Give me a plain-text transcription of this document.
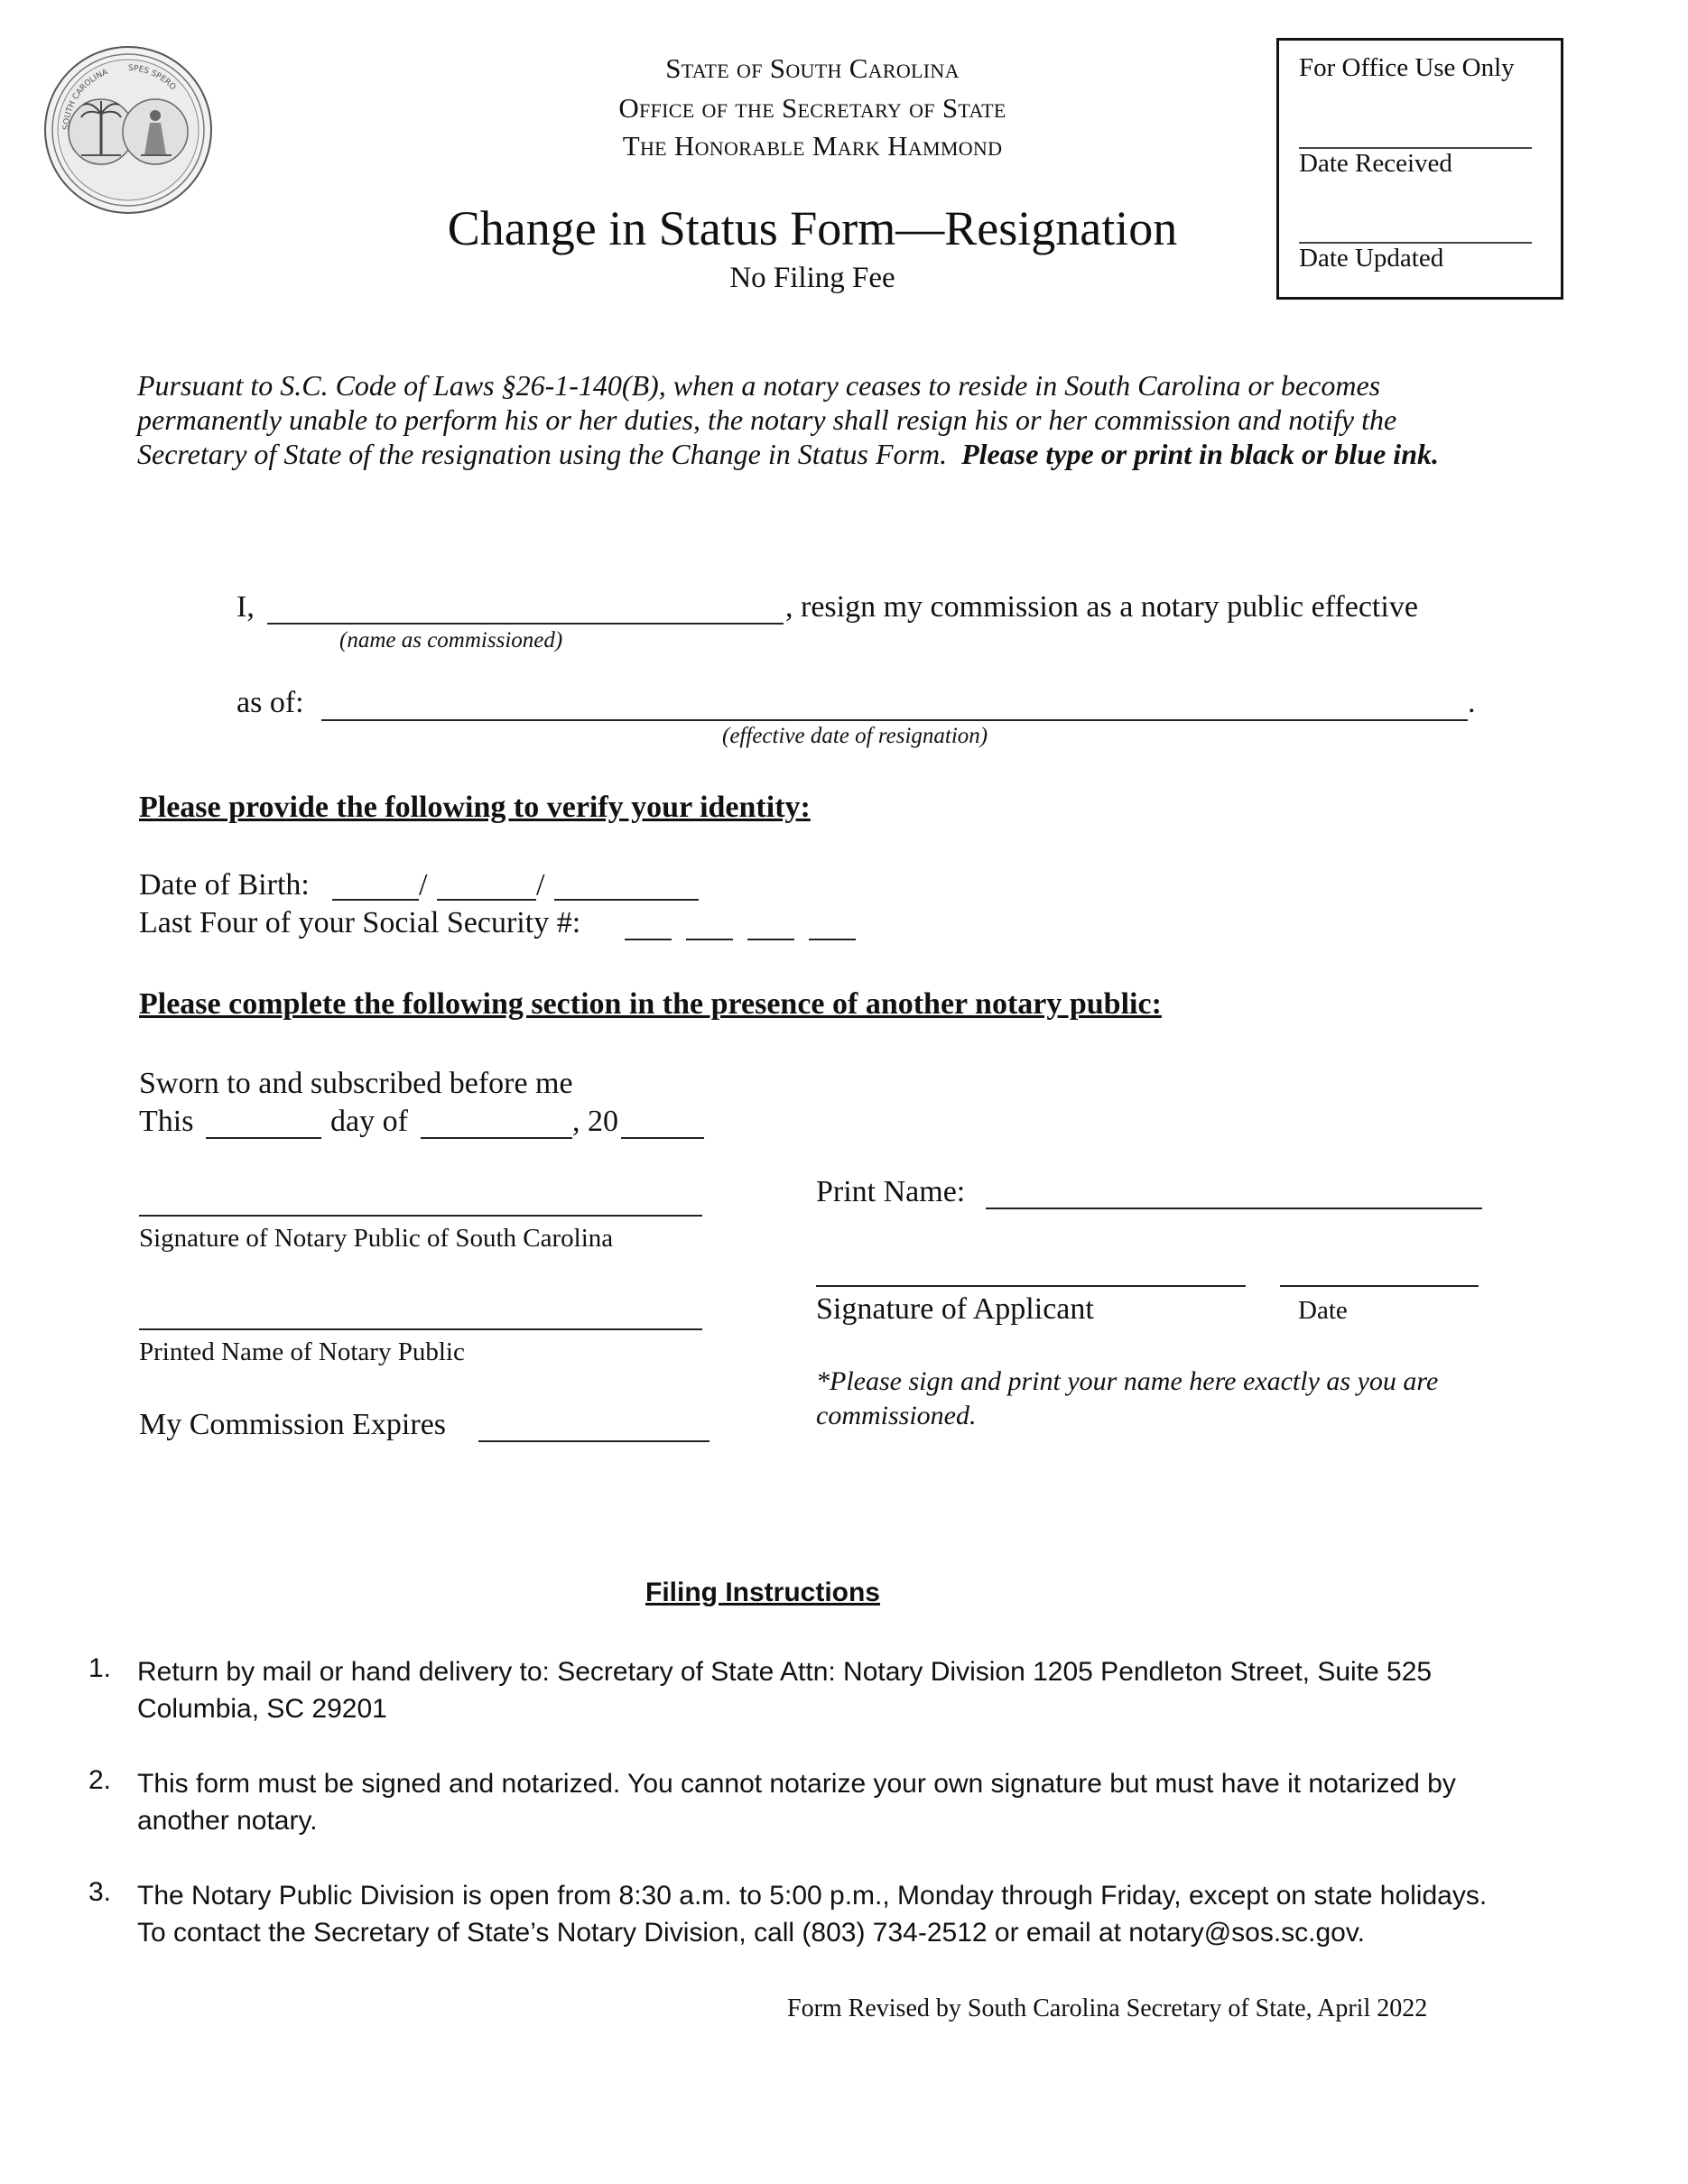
SOUTH CAROLINA SPES SPERO
State of South Carolina
Office of the Secretary of State
The Honorable Mark Hammond
Change in Status Form—Resignation
No Filing Fee
For Office Use Only
Date Received
Date Updated
Pursuant to S.C. Code of Laws §26-1-140(B), when a notary ceases to reside in South Carolina or becomes permanently unable to perform his or her duties, the notary shall resign his or her commission and notify the Secretary of State of the resignation using the Change in Status Form. Please type or print in black or blue ink.
I,	, resign my commission as a notary public effective
(name as commissioned)
as of:	.
(effective date of resignation)
Please provide the following to verify your identity:
Date of Birth:	/	/
Last Four of your Social Security #:
Please complete the following section in the presence of another notary public:
Sworn to and subscribed before me
This	day of	, 20
Signature of Notary Public of South Carolina
Printed Name of Notary Public
My Commission Expires
Print Name:
Signature of Applicant	Date
*Please sign and print your name here exactly as you are commissioned.
Filing Instructions
1. Return by mail or hand delivery to: Secretary of State Attn: Notary Division 1205 Pendleton Street, Suite 525 Columbia, SC 29201
2. This form must be signed and notarized. You cannot notarize your own signature but must have it notarized by another notary.
3. The Notary Public Division is open from 8:30 a.m. to 5:00 p.m., Monday through Friday, except on state holidays. To contact the Secretary of State’s Notary Division, call (803) 734-2512 or email at notary@sos.sc.gov.
Form Revised by South Carolina Secretary of State, April 2022
